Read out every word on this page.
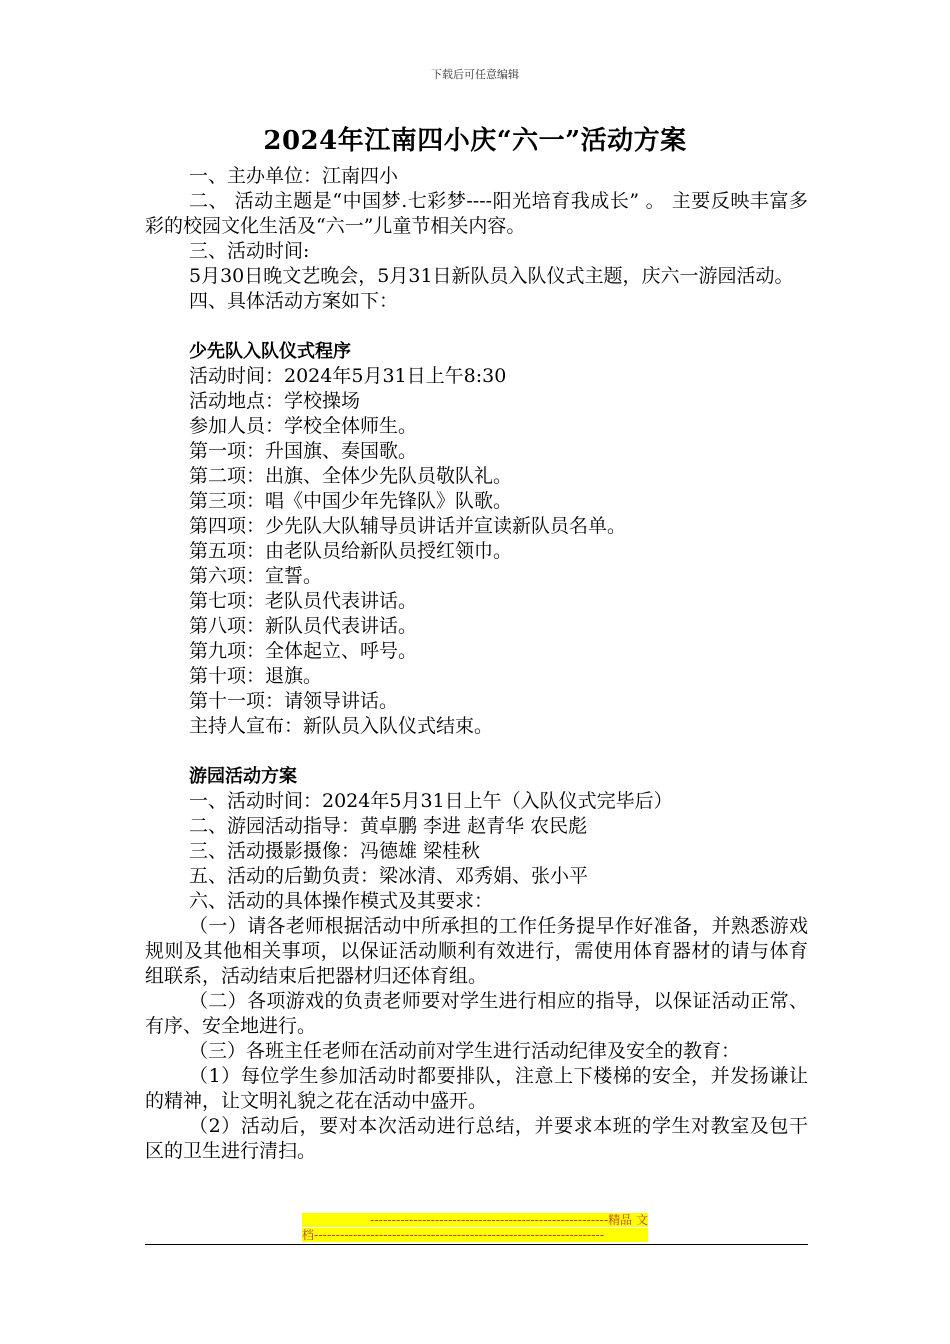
下载后可任意编辑
2024年江南四小庆“六一”活动方案

一、主办单位：江南四小

二、 活动主题是“中国梦.七彩梦----阳光培育我成长” 。 主要反映丰富多彩的校园文化生活及“六一”儿童节相关内容。

三、活动时间:

5月30日晚文艺晚会，5月31日新队员入队仪式主题，庆六一游园活动。

四、具体活动方案如下：

少先队入队仪式程序

活动时间：2024年5月31日上午8:30

活动地点：学校操场

参加人员：学校全体师生。

第一项：升国旗、奏国歌。

第二项：出旗、全体少先队员敬队礼。

第三项：唱《中国少年先锋队》队歌。

第四项：少先队大队辅导员讲话并宣读新队员名单。

第五项：由老队员给新队员授红领巾。

第六项：宣誓。

第七项：老队员代表讲话。

第八项：新队员代表讲话。

第九项：全体起立、呼号。

第十项：退旗。

第十一项：请领导讲话。

主持人宣布：新队员入队仪式结束。

游园活动方案

一、活动时间：2024年5月31日上午（入队仪式完毕后）

二、游园活动指导：黄卓鹏 李进 赵青华 农民彪

三、活动摄影摄像：冯德雄 梁桂秋

五、活动的后勤负责：梁冰清、邓秀娟、张小平

六、活动的具体操作模式及其要求：

（一）请各老师根据活动中所承担的工作任务提早作好准备，并熟悉游戏规则及其他相关事项，以保证活动顺利有效进行，需使用体育器材的请与体育组联系，活动结束后把器材归还体育组。

（二）各项游戏的负责老师要对学生进行相应的指导，以保证活动正常、有序、安全地进行。

（三）各班主任老师在活动前对学生进行活动纪律及安全的教育：

（1）每位学生参加活动时都要排队，注意上下楼梯的安全，并发扬谦让的精神，让文明礼貌之花在活动中盛开。

（2）活动后，要对本次活动进行总结，并要求本班的学生对教室及包干区的卫生进行清扫。

-------------------------------------------------------精品 文
档-------------------------------------------------------------------
